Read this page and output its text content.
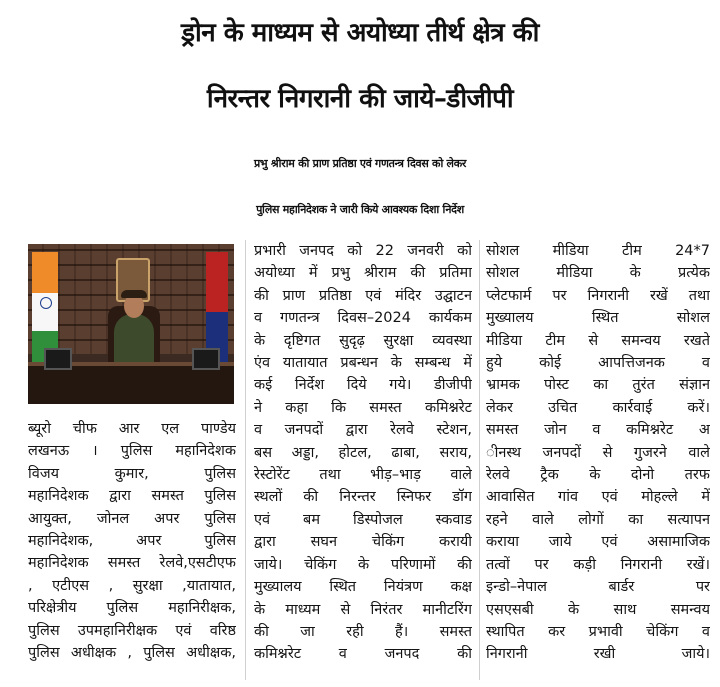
ड्रोन के माध्यम से अयोध्या तीर्थ क्षेत्र की
निरन्तर निगरानी की जाये–डीजीपी
प्रभु श्रीराम की प्राण प्रतिष्ठा एवं गणतन्त्र दिवस को लेकर
पुलिस महानिदेशक ने जारी किये आवश्यक दिशा निर्देश
ब्यूरो चीफ आर एल पाण्डेय
लखनऊ । पुलिस महानिदेशक
विजय कुमार, पुलिस
महानिदेशक द्वारा समस्त पुलिस
आयुक्त, जोनल अपर पुलिस
महानिदेशक, अपर पुलिस
महानिदेशक समस्त रेलवे,एसटीएफ
, एटीएस , सुरक्षा ,यातायात,
परिक्षेत्रीय पुलिस महानिरीक्षक,
पुलिस उपमहानिरीक्षक एवं वरिष्ठ
पुलिस अधीक्षक , पुलिस अधीक्षक,
प्रभारी जनपद को 22 जनवरी को
अयोध्या में प्रभु श्रीराम की प्रतिमा
की प्राण प्रतिष्ठा एवं मंदिर उद्घाटन
व गणतन्त्र दिवस–2024 कार्यकम
के दृष्टिगत सुदृढ़ सुरक्षा व्यवस्था
एंव यातायात प्रबन्धन के सम्बन्ध में
कई निर्देश दिये गये। डीजीपी
ने कहा कि समस्त कमिश्नरेट
व जनपदों द्वारा रेलवे स्टेशन,
बस अड्डा, होटल, ढाबा, सराय,
रेस्टोरेंट तथा भीड़–भाड़ वाले
स्थलों की निरन्तर स्निफर डॉग
एवं बम डिस्पोजल स्कवाड
द्वारा सघन चेकिंग करायी
जाये। चेकिंग के परिणामों की
मुख्यालय स्थित नियंत्रण कक्ष
के माध्यम से निरंतर मानीटरिंग
की जा रही हैं। समस्त
कमिश्नरेट व जनपद की
सोशल मीडिया टीम 24*7
सोशल मीडिया के प्रत्येक
प्लेटफार्म पर निगरानी रखें तथा
मुख्यालय स्थित सोशल
मीडिया टीम से समन्वय रखते
हुये कोई आपत्तिजनक व
भ्रामक पोस्ट का तुरंत संज्ञान
लेकर उचित कार्रवाई करें।
समस्त जोन व कमिश्नरेट अ
ीनस्थ जनपदों से गुजरने वाले
रेलवे ट्रैक के दोनो तरफ
आवासित गांव एवं मोहल्ले में
रहने वाले लोगों का सत्यापन
कराया जाये एवं असामाजिक
तत्वों पर कड़ी निगरानी रखें।
इन्डो–नेपाल बार्डर पर
एसएसबी के साथ समन्वय
स्थापित कर प्रभावी चेकिंग व
निगरानी रखी जाये।
